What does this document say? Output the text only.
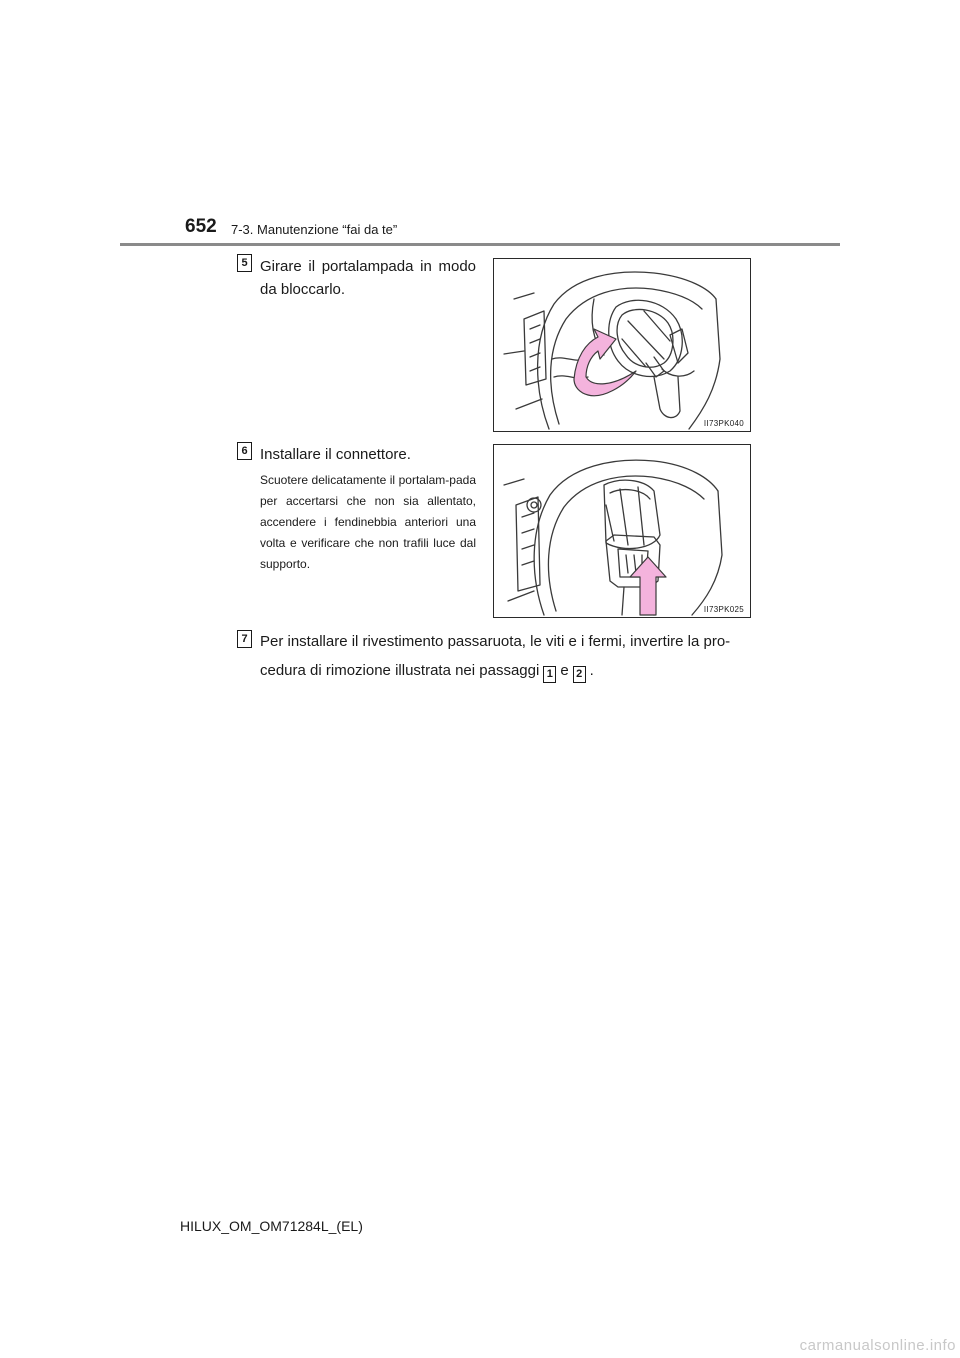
652 7-3. Manutenzione “fai da te”
5 Girare il portalampada in modo da bloccarlo.
II73PK040
6 Installare il connettore.
Scuotere delicatamente il portalam-pada per accertarsi che non sia allentato, accendere i fendinebbia anteriori una volta e verificare che non trafili luce dal supporto.
II73PK025
7 Per installare il rivestimento passaruota, le viti e i fermi, invertire la pro-
cedura di rimozione illustrata nei passaggi 1 e 2 .
HILUX_OM_OM71284L_(EL)
carmanualsonline.info
